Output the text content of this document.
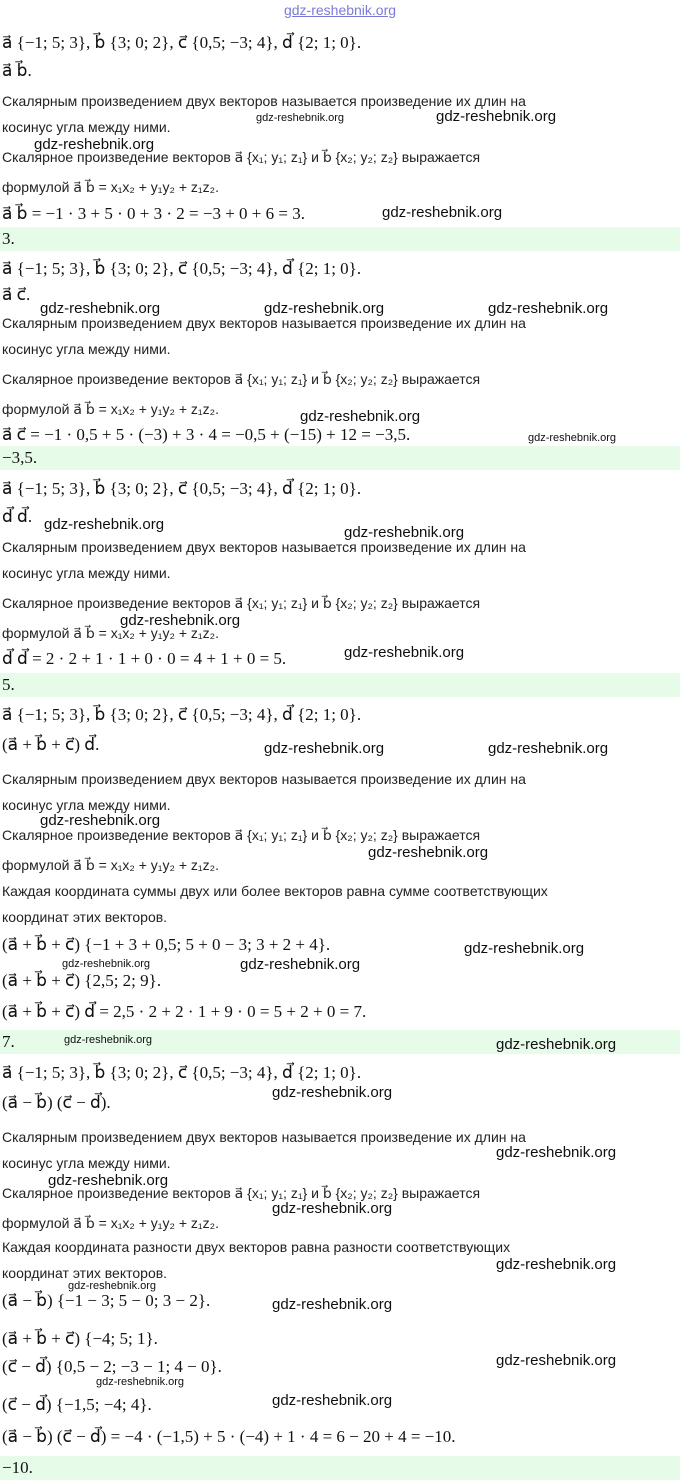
gdz-reshebnik.org
a⃗ {−1; 5; 3}, b⃗ {3; 0; 2}, c⃗ {0,5; −3; 4}, d⃗ {2; 1; 0}.
a⃗ b⃗.
Скалярным произведением двух векторов называется произведение их длин на
косинус угла между ними.
Скалярное произведение векторов a⃗ {x₁; y₁; z₁} и b⃗ {x₂; y₂; z₂} выражается
формулой a⃗ b⃗ = x₁x₂ + y₁y₂ + z₁z₂.
a⃗ b⃗ = −1 · 3 + 5 · 0 + 3 · 2 = −3 + 0 + 6 = 3.
3.
a⃗ {−1; 5; 3}, b⃗ {3; 0; 2}, c⃗ {0,5; −3; 4}, d⃗ {2; 1; 0}.
a⃗ c⃗.
Скалярным произведением двух векторов называется произведение их длин на
косинус угла между ними.
Скалярное произведение векторов a⃗ {x₁; y₁; z₁} и b⃗ {x₂; y₂; z₂} выражается
формулой a⃗ b⃗ = x₁x₂ + y₁y₂ + z₁z₂.
a⃗ c⃗ = −1 · 0,5 + 5 · (−3) + 3 · 4 = −0,5 + (−15) + 12 = −3,5.
−3,5.
a⃗ {−1; 5; 3}, b⃗ {3; 0; 2}, c⃗ {0,5; −3; 4}, d⃗ {2; 1; 0}.
d⃗ d⃗.
Скалярным произведением двух векторов называется произведение их длин на
косинус угла между ними.
Скалярное произведение векторов a⃗ {x₁; y₁; z₁} и b⃗ {x₂; y₂; z₂} выражается
формулой a⃗ b⃗ = x₁x₂ + y₁y₂ + z₁z₂.
d⃗ d⃗ = 2 · 2 + 1 · 1 + 0 · 0 = 4 + 1 + 0 = 5.
5.
a⃗ {−1; 5; 3}, b⃗ {3; 0; 2}, c⃗ {0,5; −3; 4}, d⃗ {2; 1; 0}.
(a⃗ + b⃗ + c⃗) d⃗.
Скалярным произведением двух векторов называется произведение их длин на
косинус угла между ними.
Скалярное произведение векторов a⃗ {x₁; y₁; z₁} и b⃗ {x₂; y₂; z₂} выражается
формулой a⃗ b⃗ = x₁x₂ + y₁y₂ + z₁z₂.
Каждая координата суммы двух или более векторов равна сумме соответствующих
координат этих векторов.
(a⃗ + b⃗ + c⃗) {−1 + 3 + 0,5; 5 + 0 − 3; 3 + 2 + 4}.
(a⃗ + b⃗ + c⃗) {2,5; 2; 9}.
(a⃗ + b⃗ + c⃗) d⃗ = 2,5 · 2 + 2 · 1 + 9 · 0 = 5 + 2 + 0 = 7.
7.
a⃗ {−1; 5; 3}, b⃗ {3; 0; 2}, c⃗ {0,5; −3; 4}, d⃗ {2; 1; 0}.
(a⃗ − b⃗) (c⃗ − d⃗).
Скалярным произведением двух векторов называется произведение их длин на
косинус угла между ними.
Скалярное произведение векторов a⃗ {x₁; y₁; z₁} и b⃗ {x₂; y₂; z₂} выражается
формулой a⃗ b⃗ = x₁x₂ + y₁y₂ + z₁z₂.
Каждая координата разности двух векторов равна разности соответствующих
координат этих векторов.
(a⃗ − b⃗) {−1 − 3; 5 − 0; 3 − 2}.
(a⃗ + b⃗ + c⃗) {−4; 5; 1}.
(c⃗ − d⃗) {0,5 − 2; −3 − 1; 4 − 0}.
(c⃗ − d⃗) {−1,5; −4; 4}.
(a⃗ − b⃗) (c⃗ − d⃗) = −4 · (−1,5) + 5 · (−4) + 1 · 4 = 6 − 20 + 4 = −10.
−10.
gdz-reshebnik.org	gdz-reshebnik.org
gdz-reshebnik.org
gdz-reshebnik.org
gdz-reshebnik.org	gdz-reshebnik.org	gdz-reshebnik.org
gdz-reshebnik.org
gdz-reshebnik.org
gdz-reshebnik.org	gdz-reshebnik.org
gdz-reshebnik.org
gdz-reshebnik.org
gdz-reshebnik.org	gdz-reshebnik.org
gdz-reshebnik.org
gdz-reshebnik.org
gdz-reshebnik.org
gdz-reshebnik.org	gdz-reshebnik.org
gdz-reshebnik.org	gdz-reshebnik.org
gdz-reshebnik.org
gdz-reshebnik.org
gdz-reshebnik.org
gdz-reshebnik.org
gdz-reshebnik.org
gdz-reshebnik.org
gdz-reshebnik.org
gdz-reshebnik.org
gdz-reshebnik.org
gdz-reshebnik.org
